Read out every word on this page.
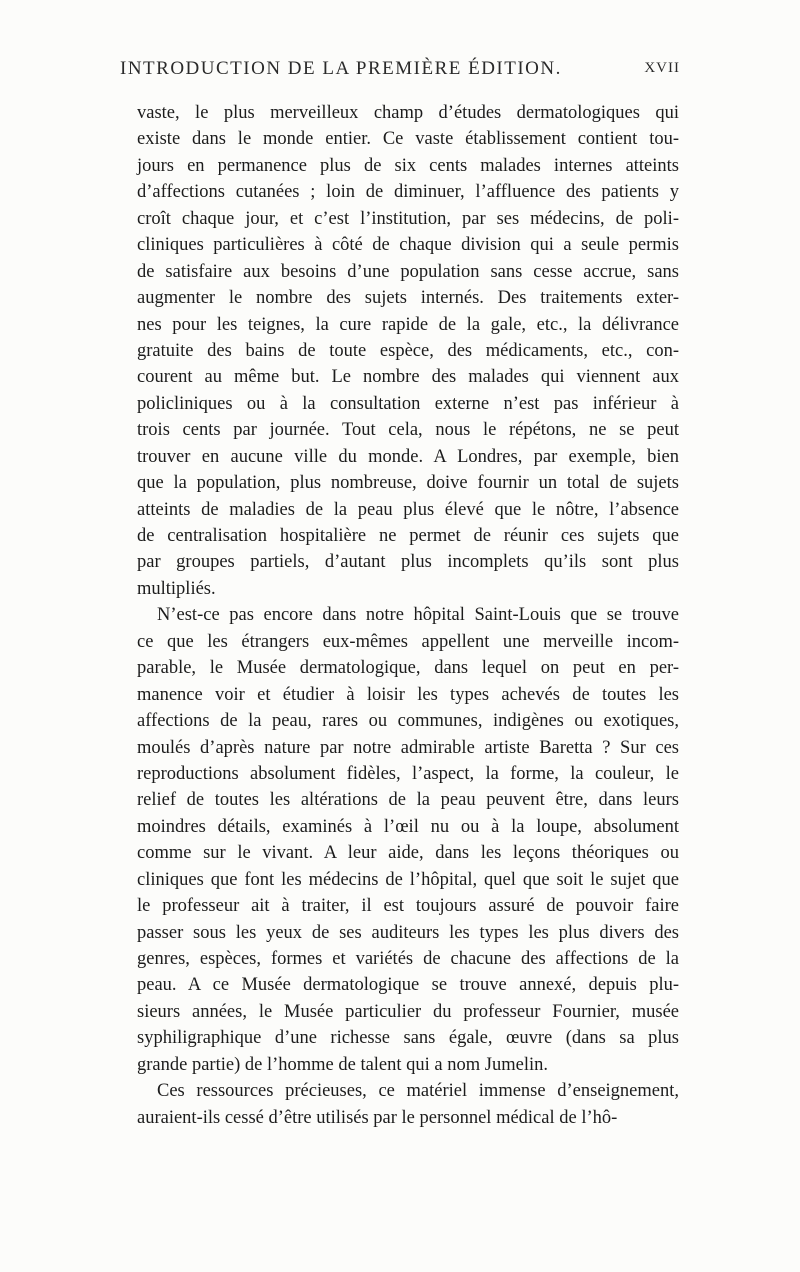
INTRODUCTION DE LA PREMIÈRE ÉDITION.	XVII
vaste, le plus merveilleux champ d’études dermatologiques qui
existe dans le monde entier. Ce vaste établissement contient tou-
jours en permanence plus de six cents malades internes atteints
d’affections cutanées ; loin de diminuer, l’affluence des patients y
croît chaque jour, et c’est l’institution, par ses médecins, de poli-
cliniques particulières à côté de chaque division qui a seule permis
de satisfaire aux besoins d’une population sans cesse accrue, sans
augmenter le nombre des sujets internés. Des traitements exter-
nes pour les teignes, la cure rapide de la gale, etc., la délivrance
gratuite des bains de toute espèce, des médicaments, etc., con-
courent au même but. Le nombre des malades qui viennent aux
policliniques ou à la consultation externe n’est pas inférieur à
trois cents par journée. Tout cela, nous le répétons, ne se peut
trouver en aucune ville du monde. A Londres, par exemple, bien
que la population, plus nombreuse, doive fournir un total de sujets
atteints de maladies de la peau plus élevé que le nôtre, l’absence
de centralisation hospitalière ne permet de réunir ces sujets que
par groupes partiels, d’autant plus incomplets qu’ils sont plus
multipliés.
N’est-ce pas encore dans notre hôpital Saint-Louis que se trouve
ce que les étrangers eux-mêmes appellent une merveille incom-
parable, le Musée dermatologique, dans lequel on peut en per-
manence voir et étudier à loisir les types achevés de toutes les
affections de la peau, rares ou communes, indigènes ou exotiques,
moulés d’après nature par notre admirable artiste Baretta ? Sur ces
reproductions absolument fidèles, l’aspect, la forme, la couleur, le
relief de toutes les altérations de la peau peuvent être, dans leurs
moindres détails, examinés à l’œil nu ou à la loupe, absolument
comme sur le vivant. A leur aide, dans les leçons théoriques ou
cliniques que font les médecins de l’hôpital, quel que soit le sujet que
le professeur ait à traiter, il est toujours assuré de pouvoir faire
passer sous les yeux de ses auditeurs les types les plus divers des
genres, espèces, formes et variétés de chacune des affections de la
peau. A ce Musée dermatologique se trouve annexé, depuis plu-
sieurs années, le Musée particulier du professeur Fournier, musée
syphiligraphique d’une richesse sans égale, œuvre (dans sa plus
grande partie) de l’homme de talent qui a nom Jumelin.
Ces ressources précieuses, ce matériel immense d’enseignement,
auraient-ils cessé d’être utilisés par le personnel médical de l’hô-
